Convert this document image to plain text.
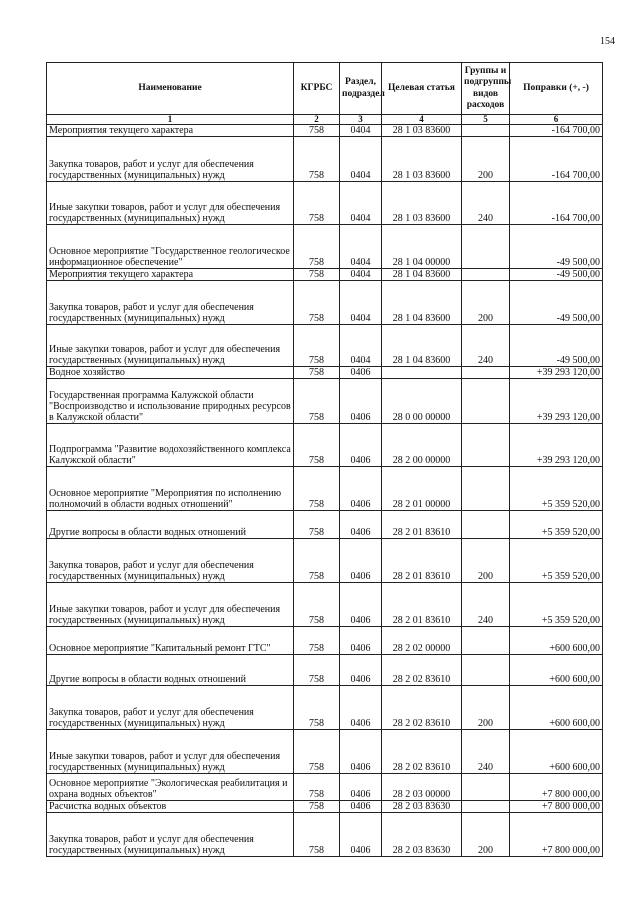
154
Наименование	КГРБС	Раздел, подраздел	Целевая статья	Группы и подгруппы видов расходов	Поправки (+, -)
1	2	3	4	5	6
Мероприятия текущего характера	758	0404	28 1 03 83600		-164 700,00
Закупка товаров, работ и услуг для обеспечения государственных (муниципальных) нужд	758	0404	28 1 03 83600	200	-164 700,00
Иные закупки товаров, работ и услуг для обеспечения государственных (муниципальных) нужд	758	0404	28 1 03 83600	240	-164 700,00
Основное мероприятие "Государственное геологическое информационное обеспечение"	758	0404	28 1 04 00000		-49 500,00
Мероприятия текущего характера	758	0404	28 1 04 83600		-49 500,00
Закупка товаров, работ и услуг для обеспечения государственных (муниципальных) нужд	758	0404	28 1 04 83600	200	-49 500,00
Иные закупки товаров, работ и услуг для обеспечения государственных (муниципальных) нужд	758	0404	28 1 04 83600	240	-49 500,00
Водное хозяйство	758	0406			+39 293 120,00
Государственная программа Калужской области "Воспроизводство и использование природных ресурсов в Калужской области"	758	0406	28 0 00 00000		+39 293 120,00
Подпрограмма "Развитие водохозяйственного комплекса Калужской области"	758	0406	28 2 00 00000		+39 293 120,00
Основное мероприятие "Мероприятия по исполнению полномочий в области водных отношений"	758	0406	28 2 01 00000		+5 359 520,00
Другие вопросы в области водных отношений	758	0406	28 2 01 83610		+5 359 520,00
Закупка товаров, работ и услуг для обеспечения государственных (муниципальных) нужд	758	0406	28 2 01 83610	200	+5 359 520,00
Иные закупки товаров, работ и услуг для обеспечения государственных (муниципальных) нужд	758	0406	28 2 01 83610	240	+5 359 520,00
Основное мероприятие "Капитальный ремонт ГТС"	758	0406	28 2 02 00000		+600 600,00
Другие вопросы в области водных отношений	758	0406	28 2 02 83610		+600 600,00
Закупка товаров, работ и услуг для обеспечения государственных (муниципальных) нужд	758	0406	28 2 02 83610	200	+600 600,00
Иные закупки товаров, работ и услуг для обеспечения государственных (муниципальных) нужд	758	0406	28 2 02 83610	240	+600 600,00
Основное мероприятие "Экологическая реабилитация и охрана водных объектов"	758	0406	28 2 03 00000		+7 800 000,00
Расчистка водных объектов	758	0406	28 2 03 83630		+7 800 000,00
Закупка товаров, работ и услуг для обеспечения государственных (муниципальных) нужд	758	0406	28 2 03 83630	200	+7 800 000,00
